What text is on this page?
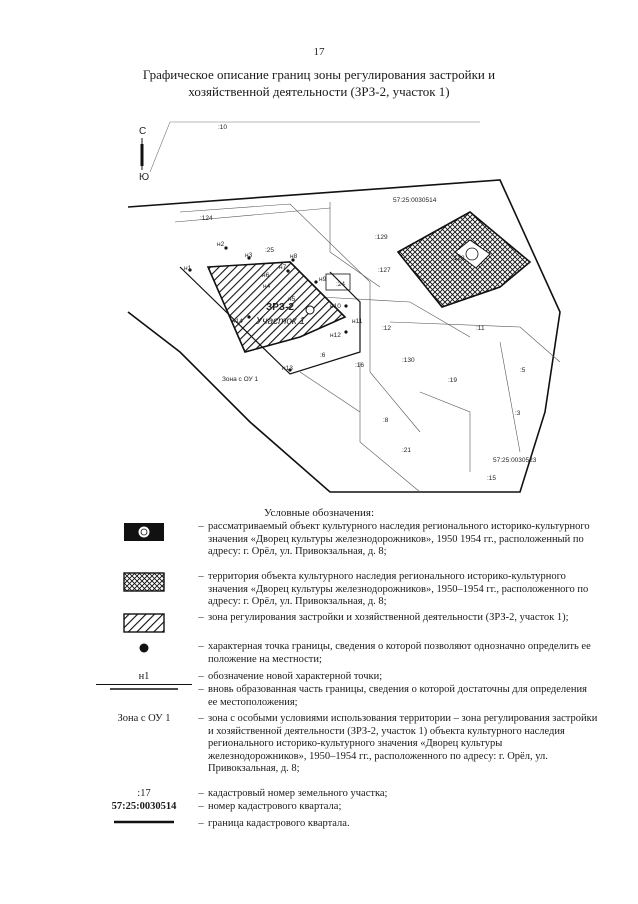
17
Графическое описание границ зоны регулирования застройки и
хозяйственной деятельности (ЗРЗ-2, участок 1)
С
Ю
ЗРЗ-2
Участок 1
н1
н2
н3
н4
н5
н6
н7
н8
н9
н10
н11
н12
н13
н14
:10
:124
:129
:127
:128
:12	:11
:130
:6
:19
:5
:16
:3
:8
:21
:15
:24
:25
57:25:0030514
57:25:0030523
Зона с ОУ 1
Условные обозначения:
– рассматриваемый объект культурного наследия регионального историко-культурного значения «Дворец культуры железнодорожников», 1950 1954 гг., расположенный по адресу: г. Орёл, ул. Привокзальная, д. 8;
– территория объекта культурного наследия регионального историко-культурного значения «Дворец культуры железнодорожников», 1950–1954 гг., расположенного по адресу: г. Орёл, ул. Привокзальная, д. 8;
– зона регулирования застройки и хозяйственной деятельности (ЗРЗ-2, участок 1);
– характерная точка границы, сведения о которой позволяют однозначно определить ее положение на местности;
н1	– обозначение новой характерной точки;
– вновь образованная часть границы, сведения о которой достаточны для определения ее местоположения;
Зона с ОУ 1	– зона с особыми условиями использования территории – зона регулирования застройки и хозяйственной деятельности (ЗРЗ-2, участок 1) объекта культурного наследия регионального историко-культурного значения «Дворец культуры железнодорожников», 1950–1954 гг., расположенного по адресу: г. Орёл, ул. Привокзальная, д. 8;
:17	– кадастровый номер земельного участка;
57:25:0030514	– номер кадастрового квартала;
– граница кадастрового квартала.
